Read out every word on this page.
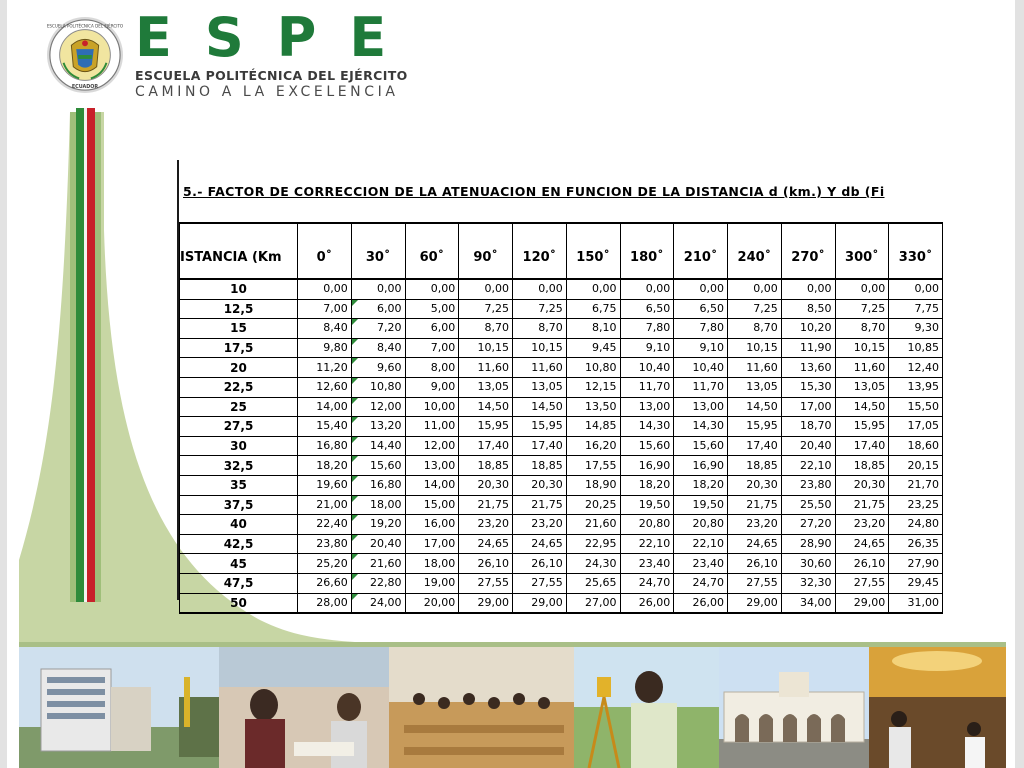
ESCUELA POLITÉCNICA DEL EJÉRCITO
ECUADOR
ESPE
ESCUELA POLITÉCNICA DEL EJÉRCITO
CAMINO A LA EXCELENCIA
5.- FACTOR DE CORRECCION DE LA ATENUACION EN FUNCION DE LA DISTANCIA d (km.) Y db (Fi
ISTANCIA (Km	0˚	30˚	60˚	90˚	120˚	150˚	180˚	210˚	240˚	270˚	300˚	330˚
10	0,00	0,00	0,00	0,00	0,00	0,00	0,00	0,00	0,00	0,00	0,00	0,00
12,5	7,00	6,00	5,00	7,25	7,25	6,75	6,50	6,50	7,25	8,50	7,25	7,75
15	8,40	7,20	6,00	8,70	8,70	8,10	7,80	7,80	8,70	10,20	8,70	9,30
17,5	9,80	8,40	7,00	10,15	10,15	9,45	9,10	9,10	10,15	11,90	10,15	10,85
20	11,20	9,60	8,00	11,60	11,60	10,80	10,40	10,40	11,60	13,60	11,60	12,40
22,5	12,60	10,80	9,00	13,05	13,05	12,15	11,70	11,70	13,05	15,30	13,05	13,95
25	14,00	12,00	10,00	14,50	14,50	13,50	13,00	13,00	14,50	17,00	14,50	15,50
27,5	15,40	13,20	11,00	15,95	15,95	14,85	14,30	14,30	15,95	18,70	15,95	17,05
30	16,80	14,40	12,00	17,40	17,40	16,20	15,60	15,60	17,40	20,40	17,40	18,60
32,5	18,20	15,60	13,00	18,85	18,85	17,55	16,90	16,90	18,85	22,10	18,85	20,15
35	19,60	16,80	14,00	20,30	20,30	18,90	18,20	18,20	20,30	23,80	20,30	21,70
37,5	21,00	18,00	15,00	21,75	21,75	20,25	19,50	19,50	21,75	25,50	21,75	23,25
40	22,40	19,20	16,00	23,20	23,20	21,60	20,80	20,80	23,20	27,20	23,20	24,80
42,5	23,80	20,40	17,00	24,65	24,65	22,95	22,10	22,10	24,65	28,90	24,65	26,35
45	25,20	21,60	18,00	26,10	26,10	24,30	23,40	23,40	26,10	30,60	26,10	27,90
47,5	26,60	22,80	19,00	27,55	27,55	25,65	24,70	24,70	27,55	32,30	27,55	29,45
50	28,00	24,00	20,00	29,00	29,00	27,00	26,00	26,00	29,00	34,00	29,00	31,00
